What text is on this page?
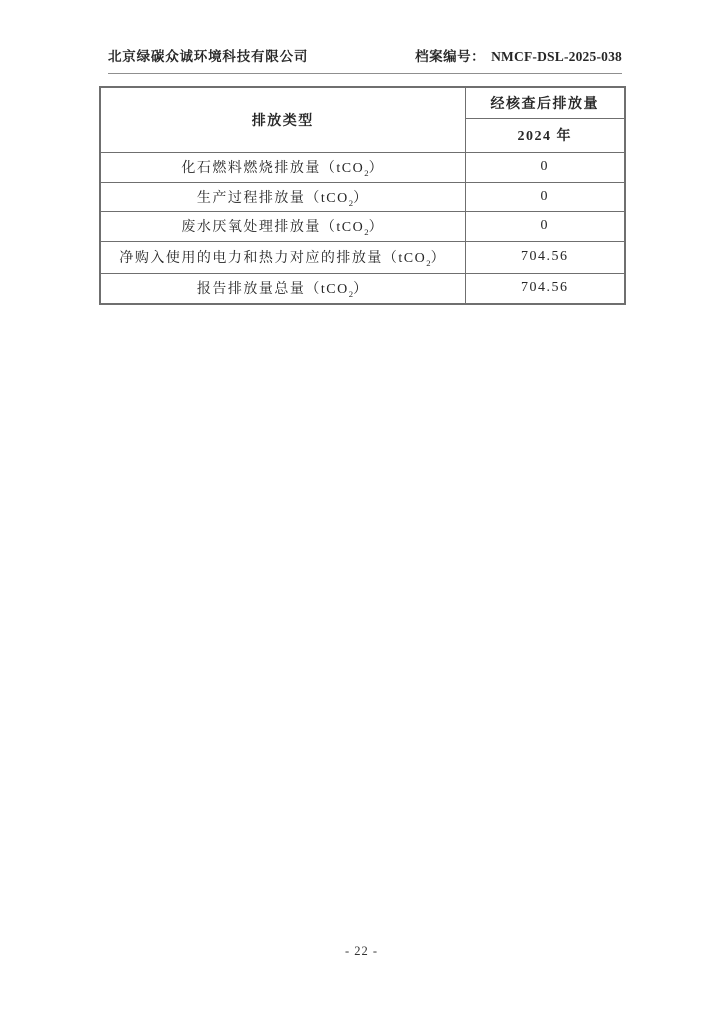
北京绿碳众诚环境科技有限公司	档案编号： NMCF-DSL-2025-038
排放类型	经核查后排放量
	2024 年
化石燃料燃烧排放量（tCO$_2$）	0
生产过程排放量（tCO$_2$）	0
废水厌氧处理排放量（tCO$_2$）	0
净购入使用的电力和热力对应的排放量（tCO$_2$）	704.56
报告排放量总量（tCO$_2$）	704.56
- 22 -
